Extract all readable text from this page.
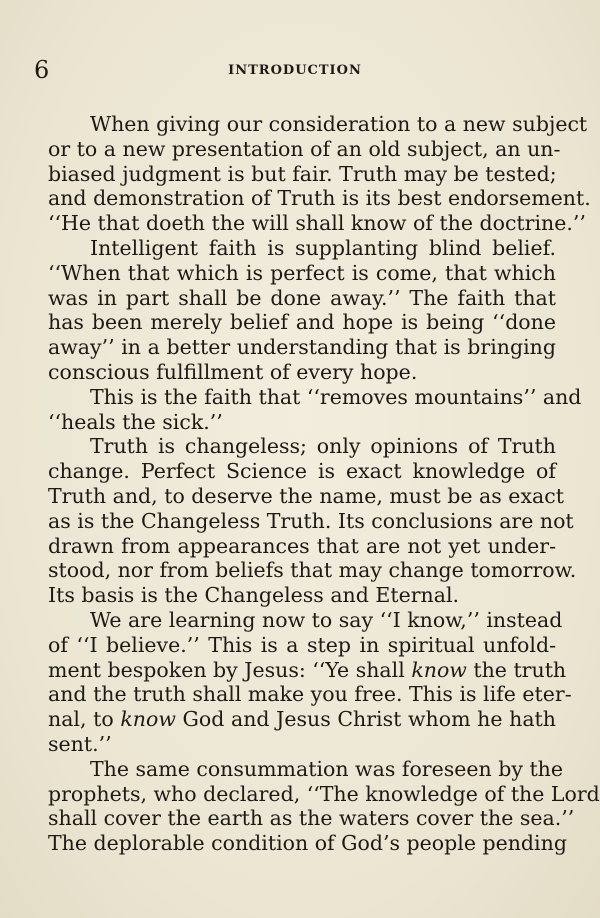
6	INTRODUCTION
When giving our consideration to a new subject
or to a new presentation of an old subject, an un-
biased judgment is but fair. Truth may be tested;
and demonstration of Truth is its best endorsement.
‘‘He that doeth the will shall know of the doctrine.’’
Intelligent faith is supplanting blind belief.
‘‘When that which is perfect is come, that which
was in part shall be done away.’’ The faith that
has been merely belief and hope is being ‘‘done
away’’ in a better understanding that is bringing
conscious fulfillment of every hope.
This is the faith that ‘‘removes mountains’’ and
‘‘heals the sick.’’
Truth is changeless; only opinions of Truth
change. Perfect Science is exact knowledge of
Truth and, to deserve the name, must be as exact
as is the Changeless Truth. Its conclusions are not
drawn from appearances that are not yet under-
stood, nor from beliefs that may change tomorrow.
Its basis is the Changeless and Eternal.
We are learning now to say ‘‘I know,’’ instead
of ‘‘I believe.’’ This is a step in spiritual unfold-
ment bespoken by Jesus: ‘‘Ye shall know the truth
and the truth shall make you free. This is life eter-
nal, to know God and Jesus Christ whom he hath
sent.’’
The same consummation was foreseen by the
prophets, who declared, ‘‘The knowledge of the Lord
shall cover the earth as the waters cover the sea.’’
The deplorable condition of God’s people pending
